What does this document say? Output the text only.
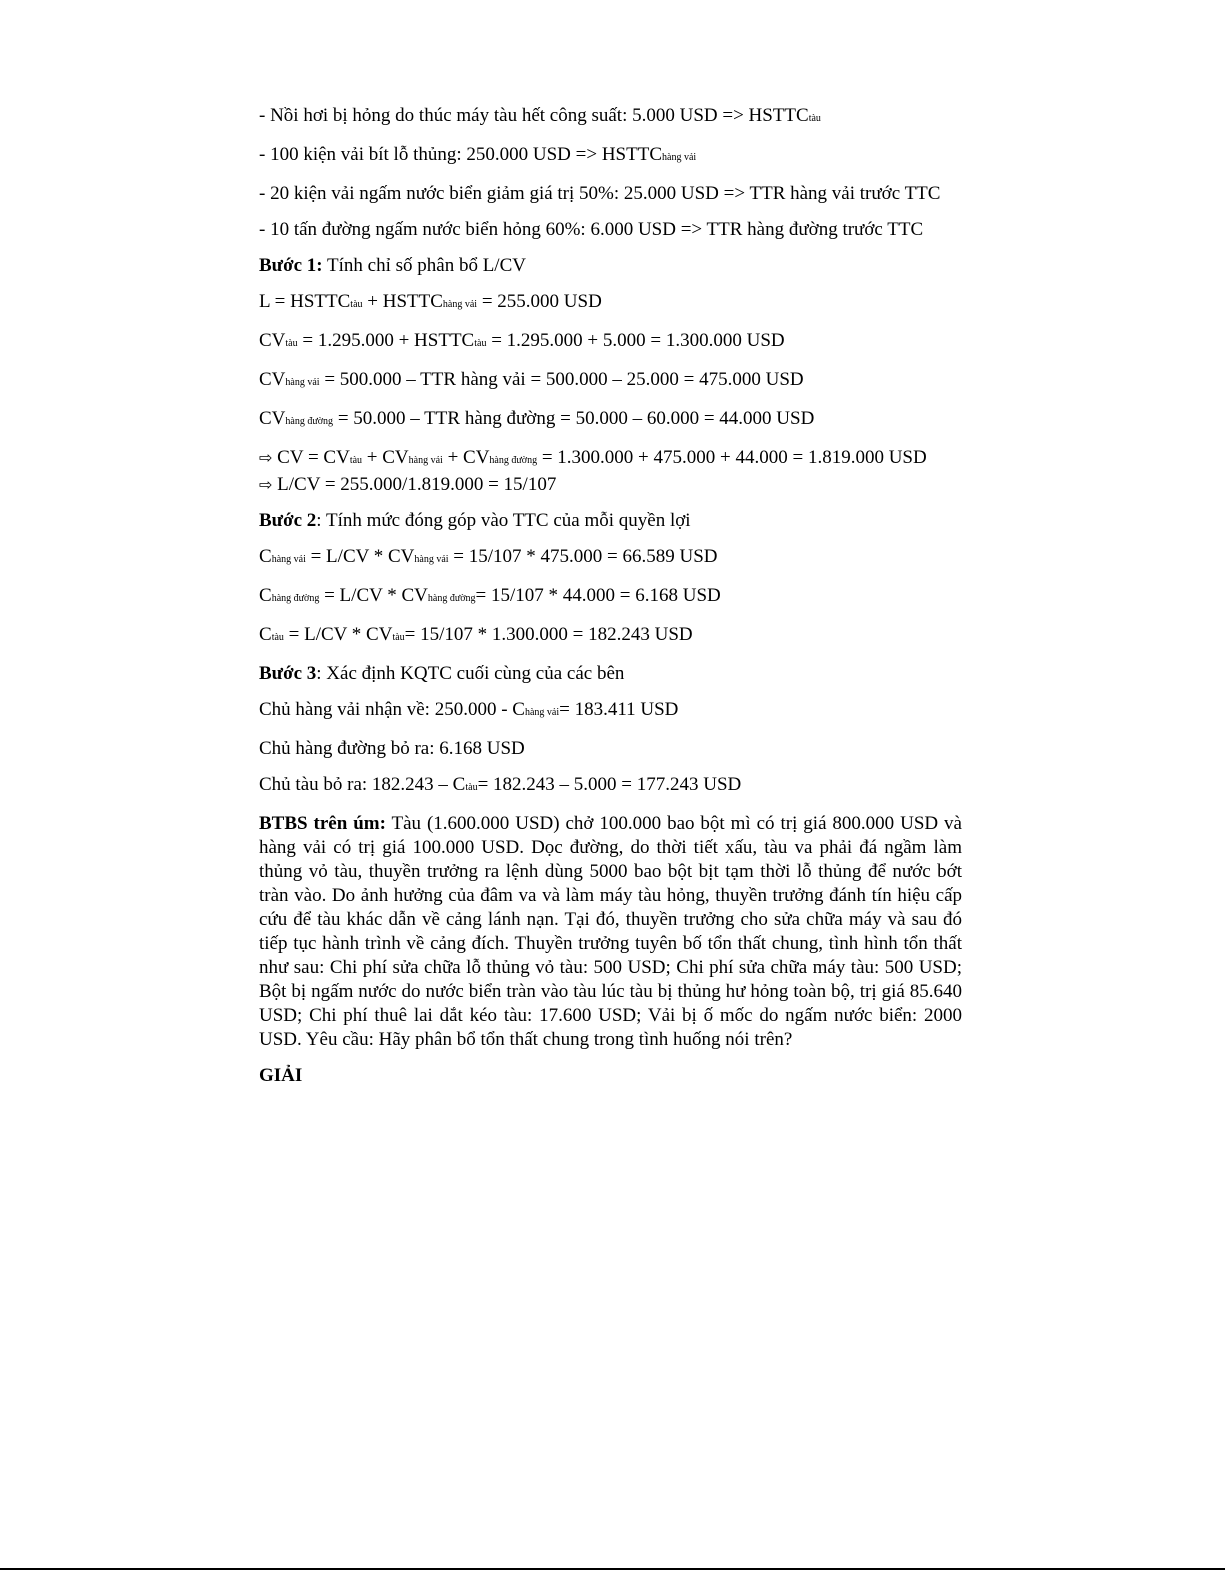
- Nồi hơi bị hỏng do thúc máy tàu hết công suất: 5.000 USD => HSTTCtàu
- 100 kiện vải bít lỗ thủng: 250.000 USD => HSTTChàng vải
- 20 kiện vải ngấm nước biển giảm giá trị 50%: 25.000 USD => TTR hàng vải trước TTC
- 10 tấn đường ngấm nước biển hỏng 60%: 6.000 USD => TTR hàng đường trước TTC
Bước 1: Tính chỉ số phân bổ L/CV
L = HSTTCtàu + HSTTChàng vải = 255.000 USD
CVtàu = 1.295.000 + HSTTCtàu = 1.295.000 + 5.000 = 1.300.000 USD
CVhàng vải = 500.000 – TTR hàng vải = 500.000 – 25.000 = 475.000 USD
CVhàng đường = 50.000 – TTR hàng đường = 50.000 – 60.000 = 44.000 USD
⇨ CV = CVtàu + CVhàng vải + CVhàng đường = 1.300.000 + 475.000 + 44.000 = 1.819.000 USD
⇨ L/CV = 255.000/1.819.000 = 15/107
Bước 2: Tính mức đóng góp vào TTC của mỗi quyền lợi
Chàng vải = L/CV * CVhàng vải = 15/107 * 475.000 = 66.589 USD
Chàng đường = L/CV * CVhàng đường= 15/107 * 44.000 = 6.168 USD
Ctàu = L/CV * CVtàu= 15/107 * 1.300.000 = 182.243 USD
Bước 3: Xác định KQTC cuối cùng của các bên
Chủ hàng vải nhận về: 250.000 - Chàng vải= 183.411 USD
Chủ hàng đường bỏ ra: 6.168 USD
Chủ tàu bỏ ra: 182.243 – Ctàu= 182.243 – 5.000 = 177.243 USD
BTBS trên úm: Tàu (1.600.000 USD) chở 100.000 bao bột mì có trị giá 800.000 USD và hàng vải có trị giá 100.000 USD. Dọc đường, do thời tiết xấu, tàu va phải đá ngầm làm thủng vỏ tàu, thuyền trưởng ra lệnh dùng 5000 bao bột bịt tạm thời lỗ thủng để nước bớt tràn vào. Do ảnh hưởng của đâm va và làm máy tàu hỏng, thuyền trưởng đánh tín hiệu cấp cứu để tàu khác dẫn về cảng lánh nạn. Tại đó, thuyền trưởng cho sửa chữa máy và sau đó tiếp tục hành trình về cảng đích. Thuyền trưởng tuyên bố tổn thất chung, tình hình tổn thất như sau: Chi phí sửa chữa lỗ thủng vỏ tàu: 500 USD; Chi phí sửa chữa máy tàu: 500 USD; Bột bị ngấm nước do nước biển tràn vào tàu lúc tàu bị thủng hư hỏng toàn bộ, trị giá 85.640 USD; Chi phí thuê lai dắt kéo tàu: 17.600 USD; Vải bị ố mốc do ngấm nước biển: 2000 USD. Yêu cầu: Hãy phân bổ tổn thất chung trong tình huống nói trên?
GIẢI
